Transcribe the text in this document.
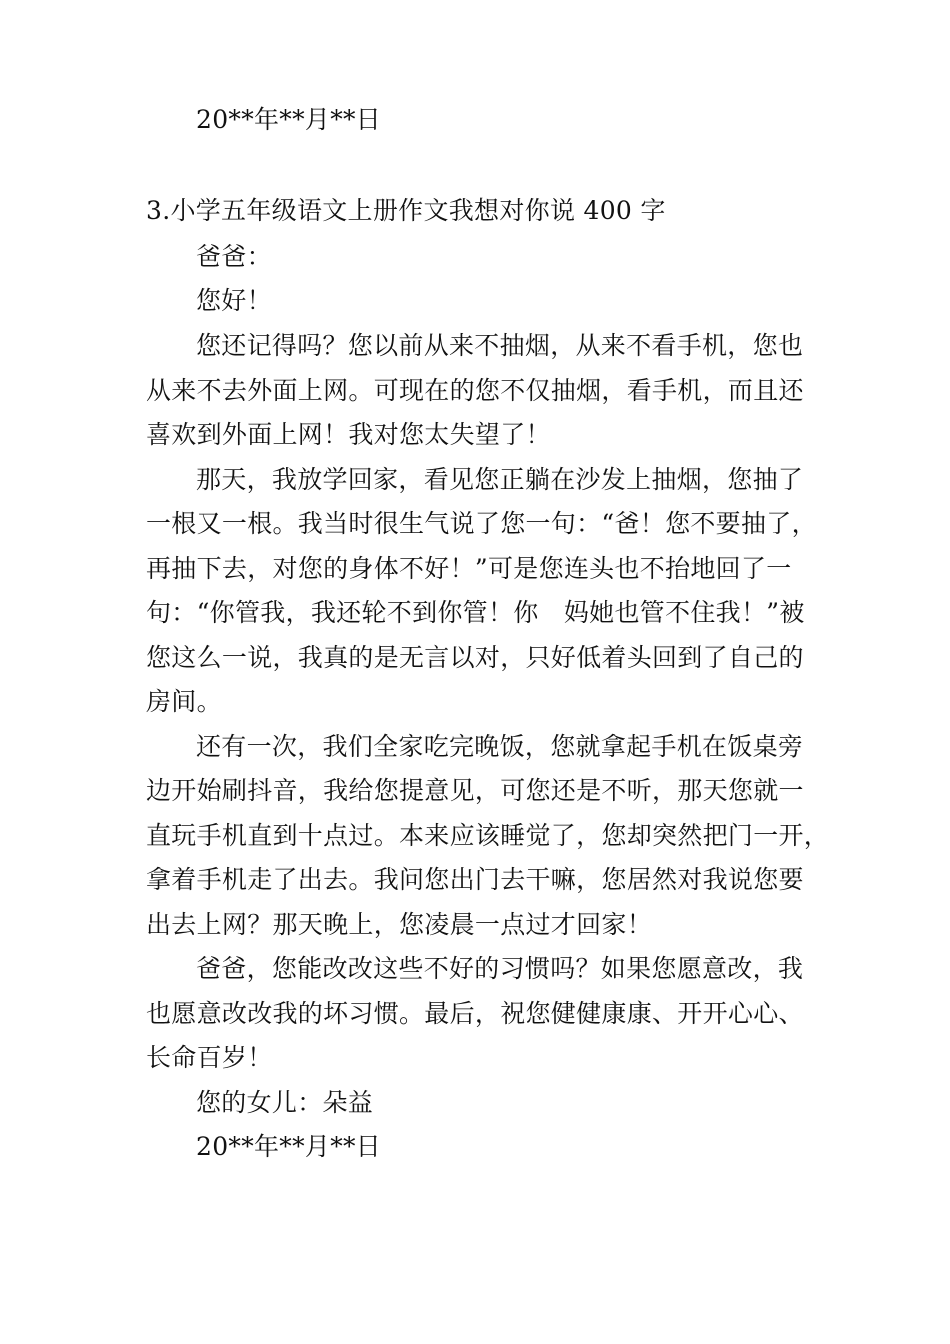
20**年**月**日
3.小学五年级语文上册作文我想对你说 400 字
爸爸：
您好！
您还记得吗？您以前从来不抽烟，从来不看手机，您也
从来不去外面上网。可现在的您不仅抽烟，看手机，而且还
喜欢到外面上网！我对您太失望了！
那天，我放学回家，看见您正躺在沙发上抽烟，您抽了
一根又一根。我当时很生气说了您一句：“爸！您不要抽了，
再抽下去，对您的身体不好！”可是您连头也不抬地回了一
句：“你管我，我还轮不到你管！你　妈她也管不住我！”被
您这么一说，我真的是无言以对，只好低着头回到了自己的
房间。
还有一次，我们全家吃完晚饭，您就拿起手机在饭桌旁
边开始刷抖音，我给您提意见，可您还是不听，那天您就一
直玩手机直到十点过。本来应该睡觉了，您却突然把门一开，
拿着手机走了出去。我问您出门去干嘛，您居然对我说您要
出去上网？那天晚上，您凌晨一点过才回家！
爸爸，您能改改这些不好的习惯吗？如果您愿意改，我
也愿意改改我的坏习惯。最后，祝您健健康康、开开心心、
长命百岁！
您的女儿：朵益
20**年**月**日
